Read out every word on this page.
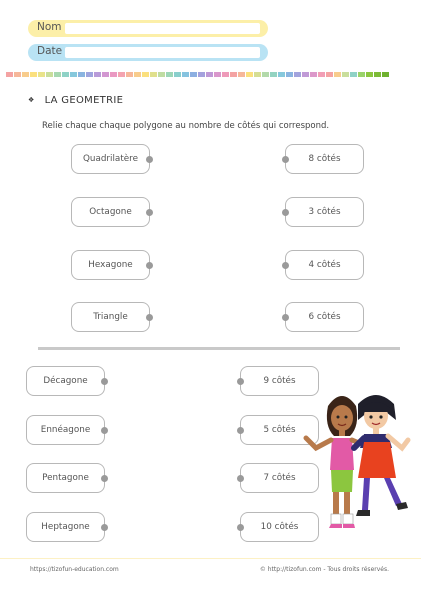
Nom
Date
❖ LA GEOMETRIE
Relie chaque chaque polygone au nombre de côtés qui correspond.
Quadrilatère
Octagone
Hexagone
Triangle
8 côtés
3 côtés
4 côtés
6 côtés
Décagone
Ennéagone
Pentagone
Heptagone
9 côtés
5 côtés
7 côtés
10 côtés
https://tizofun-education.com	© http://tizofun.com - Tous droits réservés.
